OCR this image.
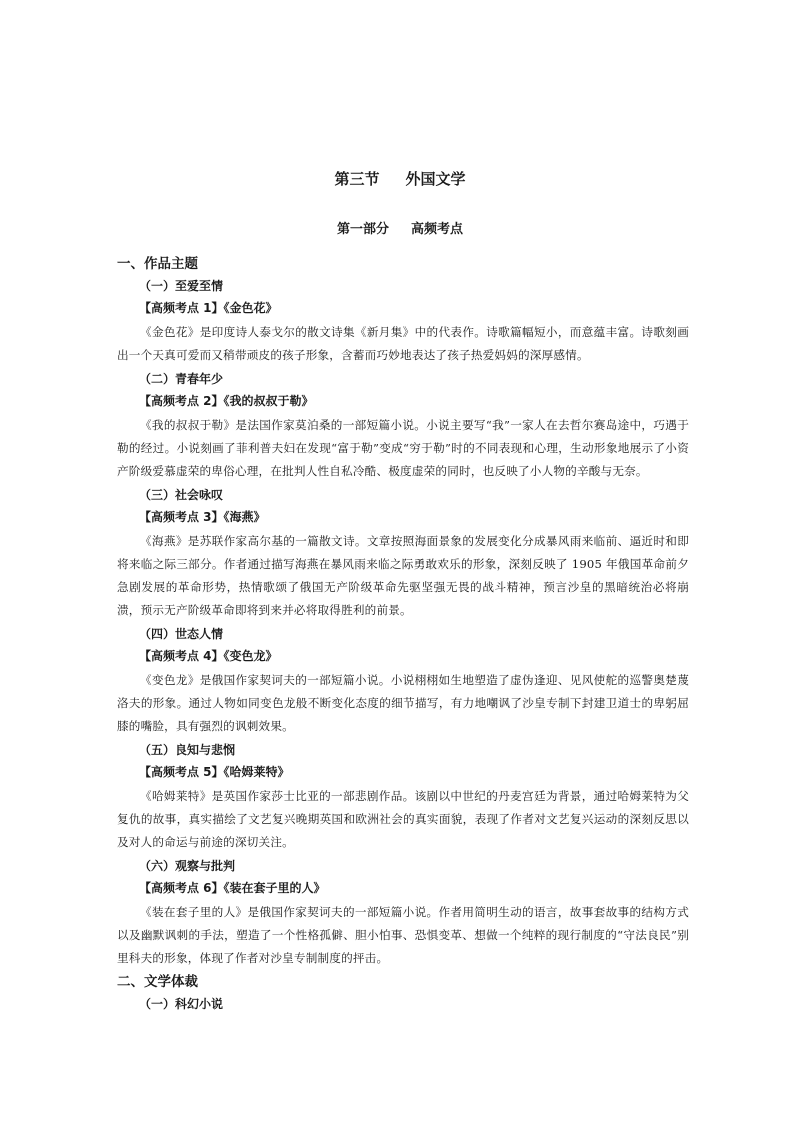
第三节 外国文学
第一部分 高频考点
一、作品主题
（一）至爱至情
【高频考点 1】《金色花》

《金色花》是印度诗人泰戈尔的散文诗集《新月集》中的代表作。诗歌篇幅短小，而意蕴丰富。诗歌刻画出一个天真可爱而又稍带顽皮的孩子形象，含蓄而巧妙地表达了孩子热爱妈妈的深厚感情。

（二）青春年少
【高频考点 2】《我的叔叔于勒》

《我的叔叔于勒》是法国作家莫泊桑的一部短篇小说。小说主要写“我”一家人在去哲尔赛岛途中，巧遇于勒的经过。小说刻画了菲利普夫妇在发现“富于勒”变成“穷于勒”时的不同表现和心理，生动形象地展示了小资产阶级爱慕虚荣的卑俗心理，在批判人性自私冷酷、极度虚荣的同时，也反映了小人物的辛酸与无奈。

（三）社会咏叹
【高频考点 3】《海燕》

《海燕》是苏联作家高尔基的一篇散文诗。文章按照海面景象的发展变化分成暴风雨来临前、逼近时和即将来临之际三部分。作者通过描写海燕在暴风雨来临之际勇敢欢乐的形象，深刻反映了 1905 年俄国革命前夕急剧发展的革命形势，热情歌颂了俄国无产阶级革命先驱坚强无畏的战斗精神，预言沙皇的黑暗统治必将崩溃，预示无产阶级革命即将到来并必将取得胜利的前景。

（四）世态人情
【高频考点 4】《变色龙》

《变色龙》是俄国作家契诃夫的一部短篇小说。小说栩栩如生地塑造了虚伪逢迎、见风使舵的巡警奥楚蔑洛夫的形象。通过人物如同变色龙般不断变化态度的细节描写，有力地嘲讽了沙皇专制下封建卫道士的卑躬屈膝的嘴脸，具有强烈的讽刺效果。

（五）良知与悲悯
【高频考点 5】《哈姆莱特》

《哈姆莱特》是英国作家莎士比亚的一部悲剧作品。该剧以中世纪的丹麦宫廷为背景，通过哈姆莱特为父复仇的故事，真实描绘了文艺复兴晚期英国和欧洲社会的真实面貌，表现了作者对文艺复兴运动的深刻反思以及对人的命运与前途的深切关注。

（六）观察与批判
【高频考点 6】《装在套子里的人》

《装在套子里的人》是俄国作家契诃夫的一部短篇小说。作者用简明生动的语言，故事套故事的结构方式以及幽默讽刺的手法，塑造了一个性格孤僻、胆小怕事、恐惧变革、想做一个纯粹的现行制度的“守法良民”别里科夫的形象，体现了作者对沙皇专制制度的抨击。

二、文学体裁
（一）科幻小说
